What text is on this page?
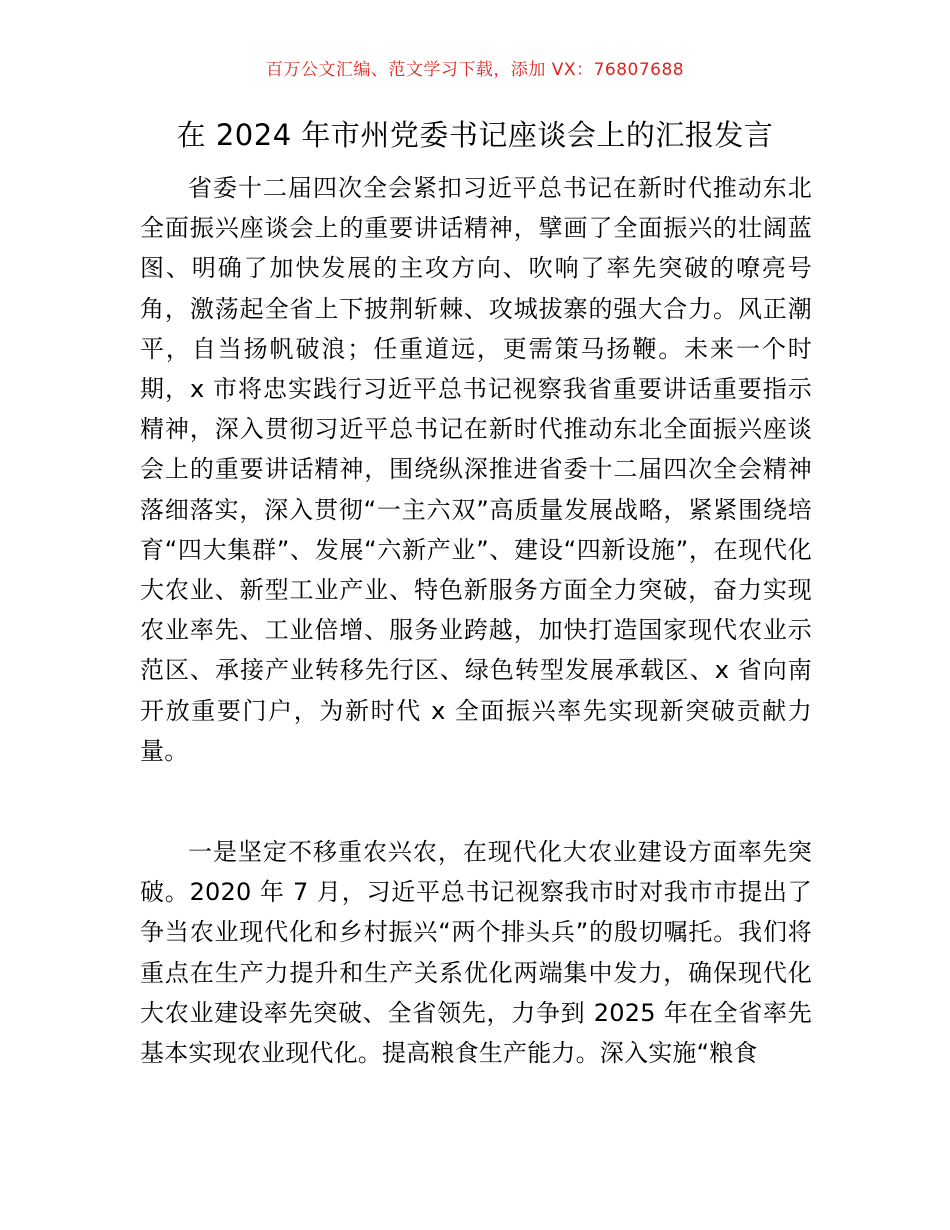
百万公文汇编、范文学习下载，添加 VX：76807688
在 2024 年市州党委书记座谈会上的汇报发言

省委十二届四次全会紧扣习近平总书记在新时代推动东北全面振兴座谈会上的重要讲话精神，擘画了全面振兴的壮阔蓝图、明确了加快发展的主攻方向、吹响了率先突破的嘹亮号角，激荡起全省上下披荆斩棘、攻城拔寨的强大合力。风正潮平，自当扬帆破浪；任重道远，更需策马扬鞭。未来一个时期，x 市将忠实践行习近平总书记视察我省重要讲话重要指示精神，深入贯彻习近平总书记在新时代推动东北全面振兴座谈会上的重要讲话精神，围绕纵深推进省委十二届四次全会精神落细落实，深入贯彻“一主六双”高质量发展战略，紧紧围绕培育“四大集群”、发展“六新产业”、建设“四新设施”，在现代化大农业、新型工业产业、特色新服务方面全力突破，奋力实现农业率先、工业倍增、服务业跨越，加快打造国家现代农业示范区、承接产业转移先行区、绿色转型发展承载区、x 省向南开放重要门户，为新时代 x 全面振兴率先实现新突破贡献力量。

一是坚定不移重农兴农，在现代化大农业建设方面率先突破。2020 年 7 月，习近平总书记视察我市时对我市市提出了争当农业现代化和乡村振兴“两个排头兵”的殷切嘱托。我们将重点在生产力提升和生产关系优化两端集中发力，确保现代化大农业建设率先突破、全省领先，力争到 2025 年在全省率先基本实现农业现代化。提高粮食生产能力。深入实施“粮食
